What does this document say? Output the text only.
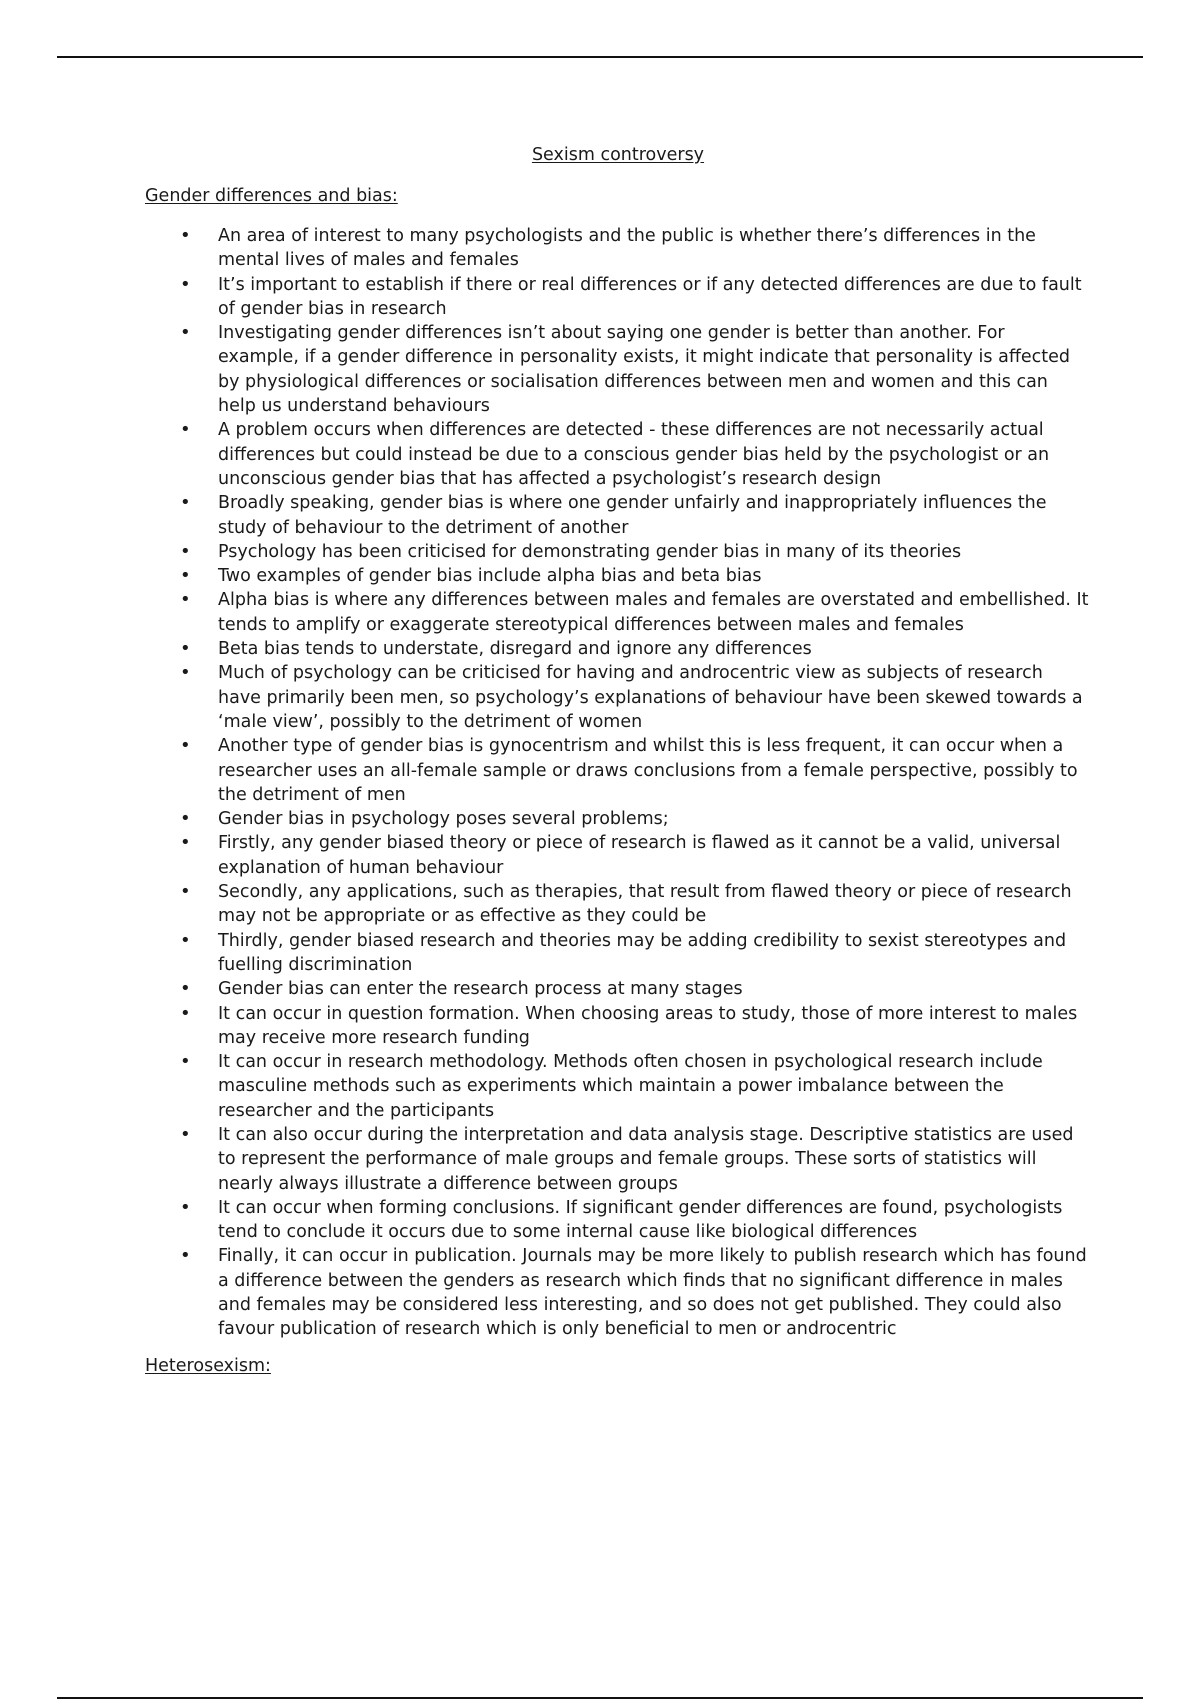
Sexism controversy
Gender differences and bias:
• An area of interest to many psychologists and the public is whether there’s differences in the mental lives of males and females
• It’s important to establish if there or real differences or if any detected differences are due to fault of gender bias in research
• Investigating gender differences isn’t about saying one gender is better than another. For example, if a gender difference in personality exists, it might indicate that personality is affected by physiological differences or socialisation differences between men and women and this can help us understand behaviours
• A problem occurs when differences are detected - these differences are not necessarily actual differences but could instead be due to a conscious gender bias held by the psychologist or an unconscious gender bias that has affected a psychologist’s research design
• Broadly speaking, gender bias is where one gender unfairly and inappropriately influences the study of behaviour to the detriment of another
• Psychology has been criticised for demonstrating gender bias in many of its theories
• Two examples of gender bias include alpha bias and beta bias
• Alpha bias is where any differences between males and females are overstated and embellished. It tends to amplify or exaggerate stereotypical differences between males and females
• Beta bias tends to understate, disregard and ignore any differences
• Much of psychology can be criticised for having and androcentric view as subjects of research have primarily been men, so psychology’s explanations of behaviour have been skewed towards a ‘male view’, possibly to the detriment of women
• Another type of gender bias is gynocentrism and whilst this is less frequent, it can occur when a researcher uses an all-female sample or draws conclusions from a female perspective, possibly to the detriment of men
• Gender bias in psychology poses several problems;
• Firstly, any gender biased theory or piece of research is flawed as it cannot be a valid, universal explanation of human behaviour
• Secondly, any applications, such as therapies, that result from flawed theory or piece of research may not be appropriate or as effective as they could be
• Thirdly, gender biased research and theories may be adding credibility to sexist stereotypes and fuelling discrimination
• Gender bias can enter the research process at many stages
• It can occur in question formation. When choosing areas to study, those of more interest to males may receive more research funding
• It can occur in research methodology. Methods often chosen in psychological research include masculine methods such as experiments which maintain a power imbalance between the researcher and the participants
• It can also occur during the interpretation and data analysis stage. Descriptive statistics are used to represent the performance of male groups and female groups. These sorts of statistics will nearly always illustrate a difference between groups
• It can occur when forming conclusions. If significant gender differences are found, psychologists tend to conclude it occurs due to some internal cause like biological differences
• Finally, it can occur in publication. Journals may be more likely to publish research which has found a difference between the genders as research which finds that no significant difference in males and females may be considered less interesting, and so does not get published. They could also favour publication of research which is only beneficial to men or androcentric
Heterosexism:
